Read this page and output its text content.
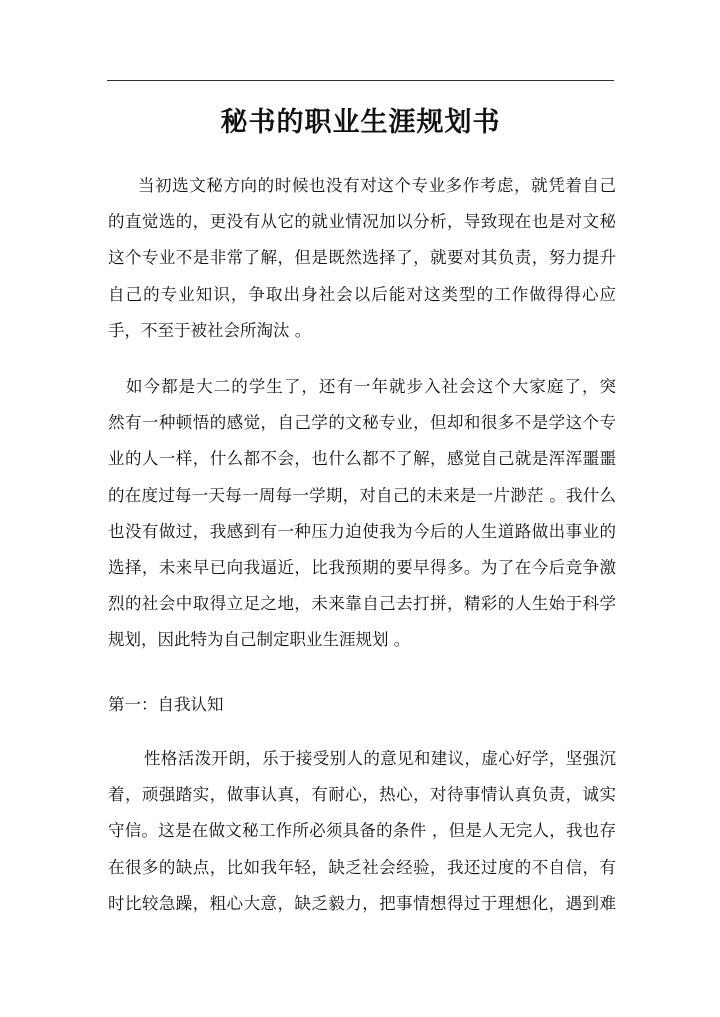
秘书的职业生涯规划书
当初选文秘方向的时候也没有对这个专业多作考虑，就凭着自己
的直觉选的，更没有从它的就业情况加以分析，导致现在也是对文秘
这个专业不是非常了解，但是既然选择了，就要对其负责，努力提升
自己的专业知识，争取出身社会以后能对这类型的工作做得得心应
手，不至于被社会所淘汰 。
如今都是大二的学生了，还有一年就步入社会这个大家庭了，突
然有一种顿悟的感觉，自己学的文秘专业，但却和很多不是学这个专
业的人一样，什么都不会，也什么都不了解，感觉自己就是浑浑噩噩
的在度过每一天每一周每一学期，对自己的未来是一片渺茫 。我什么
也没有做过，我感到有一种压力迫使我为今后的人生道路做出事业的
选择，未来早已向我逼近，比我预期的要早得多。为了在今后竞争激
烈的社会中取得立足之地，未来靠自己去打拼，精彩的人生始于科学
规划，因此特为自己制定职业生涯规划 。
第一：自我认知
性格活泼开朗，乐于接受别人的意见和建议，虚心好学，坚强沉
着，顽强踏实，做事认真，有耐心，热心，对待事情认真负责，诚实
守信。这是在做文秘工作所必须具备的条件 ，但是人无完人，我也存
在很多的缺点，比如我年轻，缺乏社会经验，我还过度的不自信，有
时比较急躁，粗心大意，缺乏毅力，把事情想得过于理想化，遇到难
